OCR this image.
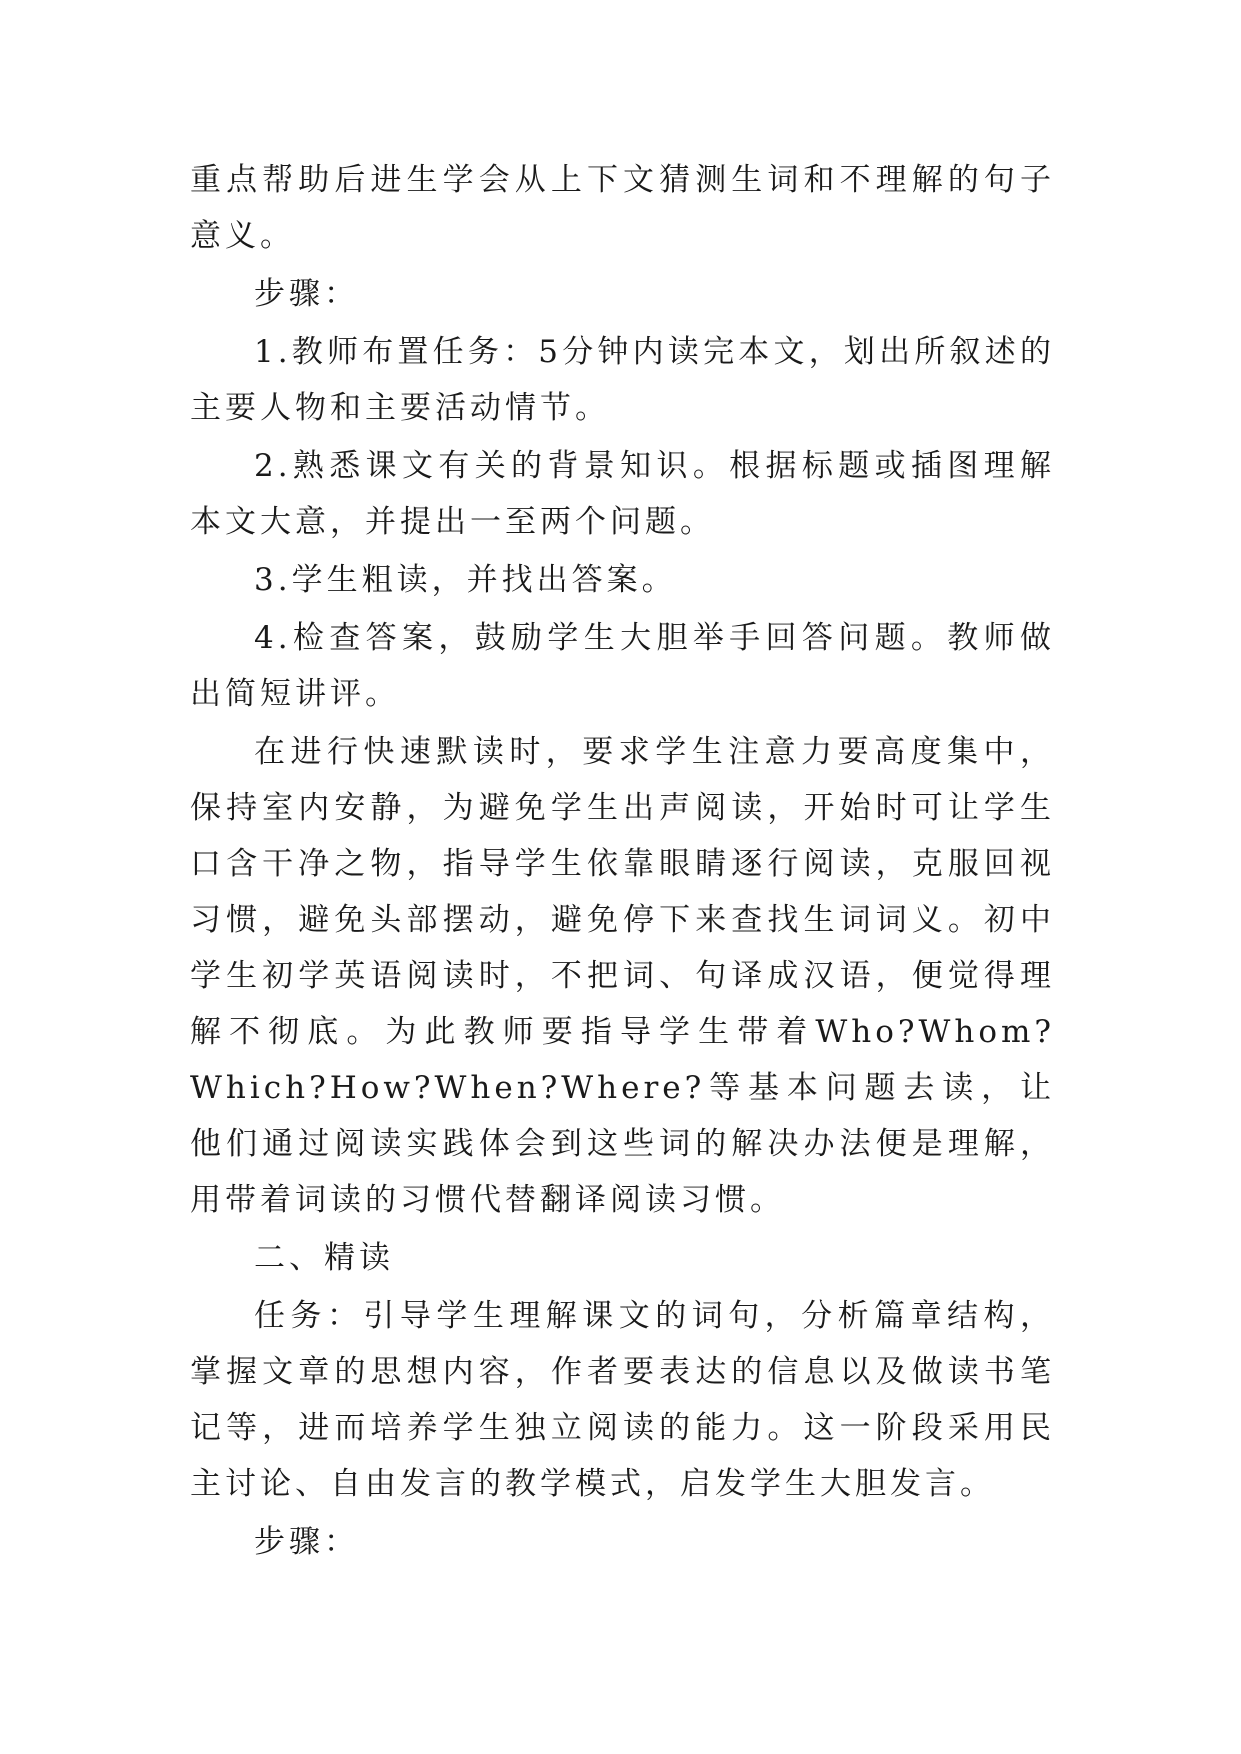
重点帮助后进生学会从上下文猜测生词和不理解的句子意义。

步骤：

1.教师布置任务：5分钟内读完本文，划出所叙述的主要人物和主要活动情节。

2.熟悉课文有关的背景知识。根据标题或插图理解本文大意，并提出一至两个问题。

3.学生粗读，并找出答案。

4.检查答案，鼓励学生大胆举手回答问题。教师做出简短讲评。

在进行快速默读时，要求学生注意力要高度集中，保持室内安静，为避免学生出声阅读，开始时可让学生口含干净之物，指导学生依靠眼睛逐行阅读，克服回视习惯，避免头部摆动，避免停下来查找生词词义。初中学生初学英语阅读时，不把词、句译成汉语，便觉得理解不彻底。为此教师要指导学生带着Who?Whom?Which?How?When?Where?等基本问题去读，让他们通过阅读实践体会到这些词的解决办法便是理解，用带着词读的习惯代替翻译阅读习惯。

二、精读

任务：引导学生理解课文的词句，分析篇章结构，掌握文章的思想内容，作者要表达的信息以及做读书笔记等，进而培养学生独立阅读的能力。这一阶段采用民主讨论、自由发言的教学模式，启发学生大胆发言。

步骤：
